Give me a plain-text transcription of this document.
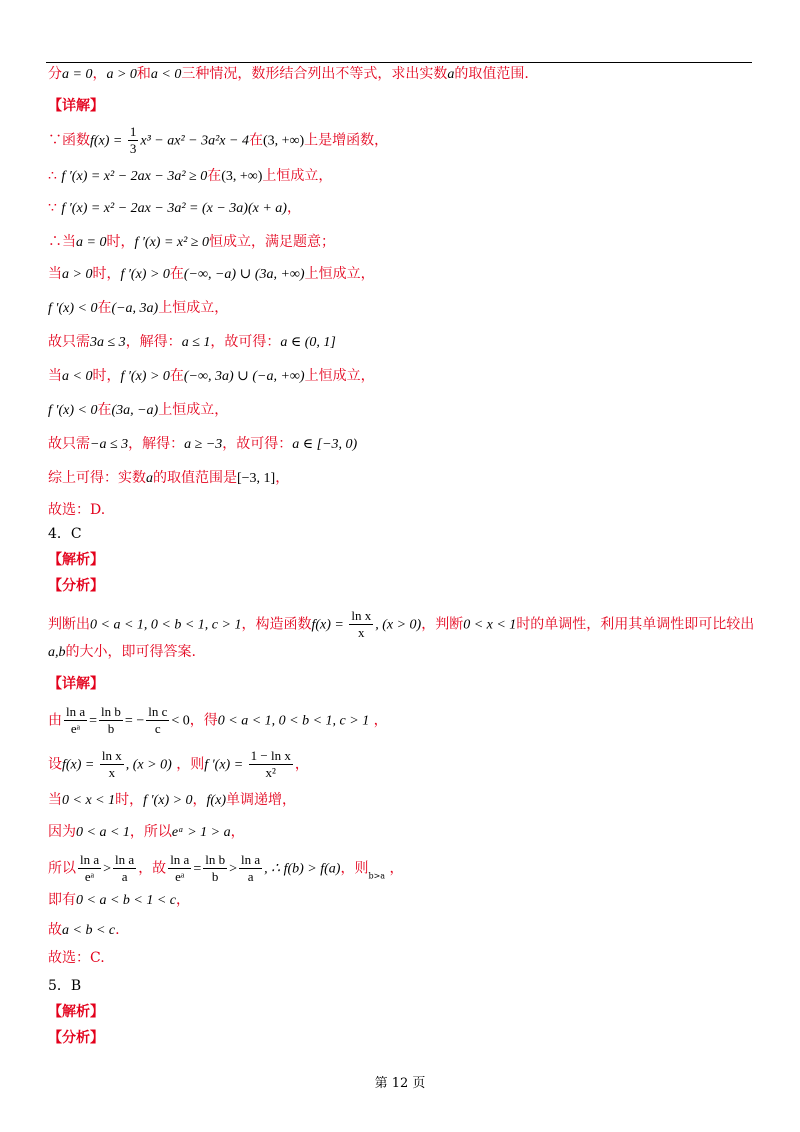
分a = 0，a > 0和a < 0三种情况，数形结合列出不等式，求出实数a的取值范围.
【详解】
∵函数$f(x) = \frac{1}{3} x^3 - ax^2 - 3a^2x - 4$在(3, +∞)上是增函数，
∴ f ′(x) = x² − 2ax − 3a² ≥ 0在(3, +∞)上恒成立，
∵ f ′(x) = x² − 2ax − 3a² = (x − 3a)(x + a)，
∴当a = 0时，f ′(x) = x² ≥ 0恒成立，满足题意；
当a > 0时，f ′(x) > 0在(−∞, −a) ∪ (3a, +∞)上恒成立，
f ′(x) < 0在(−a, 3a)上恒成立，
故只需3a ≤ 3，解得：a ≤ 1，故可得：a ∈ (0, 1]
当a < 0时，f ′(x) > 0在(−∞, 3a) ∪ (−a, +∞)上恒成立，
f ′(x) < 0在(3a, −a)上恒成立，
故只需−a ≤ 3，解得：a ≥ −3，故可得：a ∈ [−3, 0)
综上可得：实数a的取值范围是[−3, 1]，
故选：D.
4．C
【解析】
【分析】
判断出0 < a < 1, 0 < b < 1, c > 1，构造函数$f(x) = \frac{\text{ln x}}{x}$ , (x > 0)，判断0 < x < 1时的单调性，利用其单调性即可比较出
a,b的大小，即可得答案.
【详解】
由 $\frac{\text{ln a}}{\text{eᵃ}} = \frac{\text{ln b}}{b}$ = − $\frac{\text{ln c}}{c} < 0$，得0 < a < 1, 0 < b < 1, c > 1 ，
设$f(x) = \frac{\text{ln x}}{x}$ , (x > 0) ，则f $'(x) = \frac{\text{1 − ln x}}{\text{x²}}$ ，
当0 < x < 1时，f ′(x) > 0，f(x)单调递增，
因为0 < a < 1，所以eᵃ > 1 > a，
所以 $\frac{\text{ln a}}{\text{eᵃ}} > \frac{\text{ln a}}{a}$ ，故 $\frac{\text{ln a}}{\text{eᵃ}} = \frac{\text{ln b}}{b} > \frac{\text{ln a}}{a}$ , ∴ f(b) > f(a)，则$_{b>a}$ ，
即有0 < a < b < 1 < c，
故a < b < c.
故选：C.
5．B
【解析】
【分析】
第 12 页
